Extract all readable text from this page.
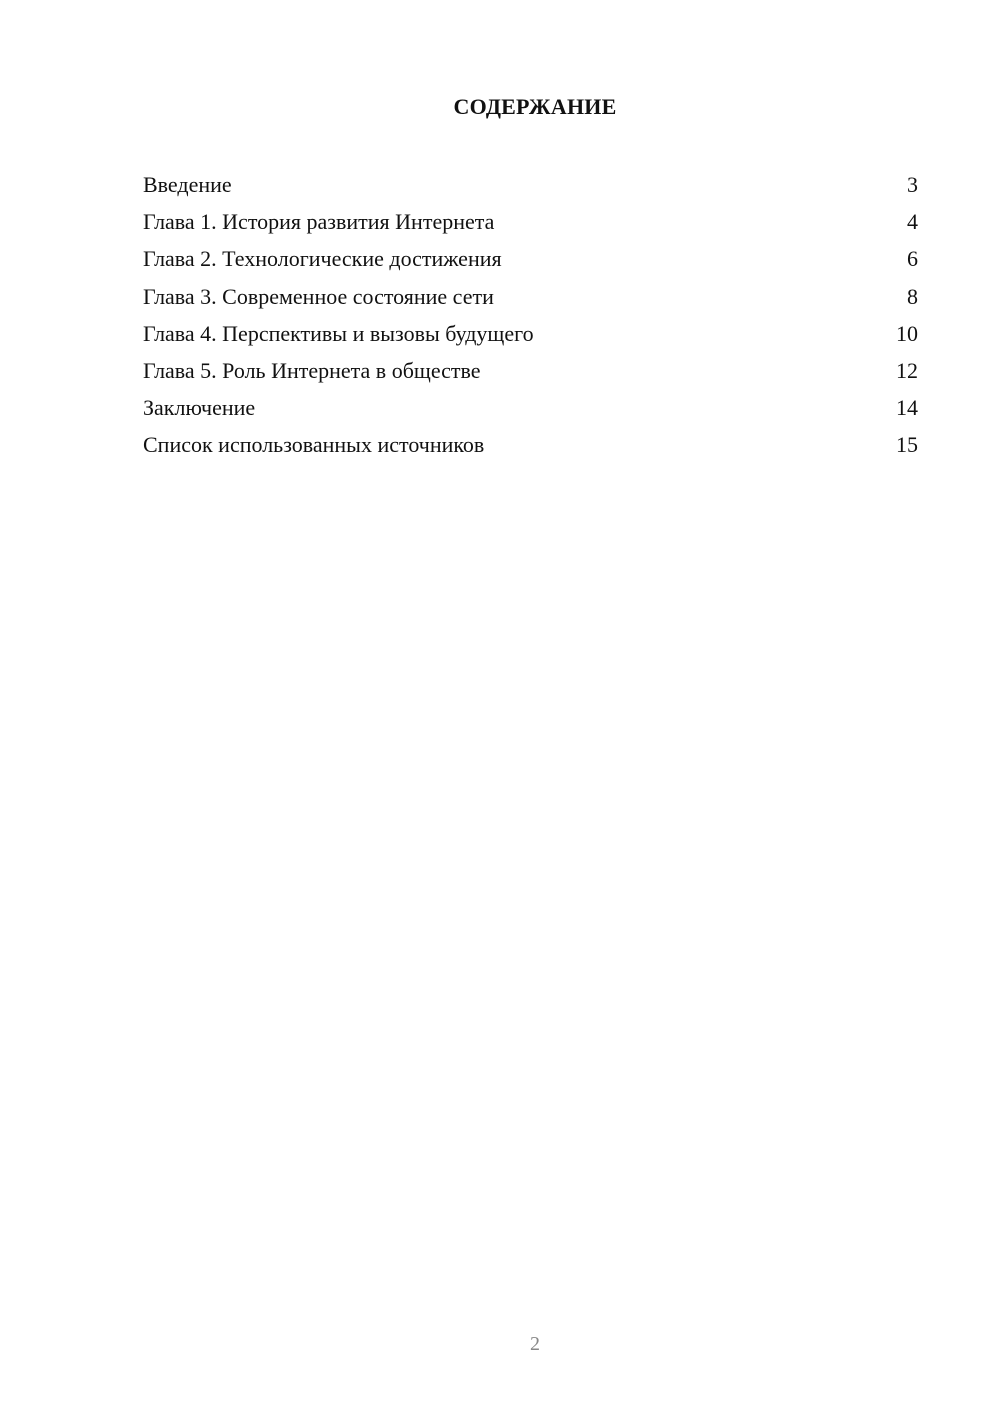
СОДЕРЖАНИЕ
Введение	3
Глава 1. История развития Интернета	4
Глава 2. Технологические достижения	6
Глава 3. Современное состояние сети	8
Глава 4. Перспективы и вызовы будущего	10
Глава 5. Роль Интернета в обществе	12
Заключение	14
Список использованных источников	15
2
